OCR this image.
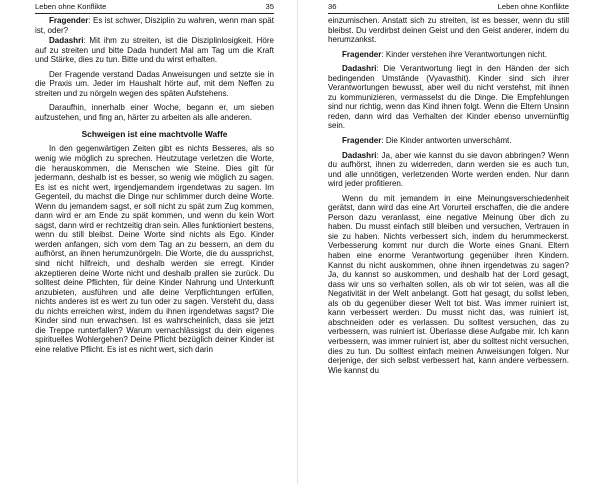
Leben ohne Konflikte	35

Fragender: Es ist schwer, Disziplin zu wahren, wenn man spät ist, oder?

Dadashri: Mit ihm zu streiten, ist die Disziplinlosigkeit. Höre auf zu streiten und bitte Dada hundert Mal am Tag um die Kraft und Stärke, dies zu tun. Bitte und du wirst erhalten.

Der Fragende verstand Dadas Anweisungen und setzte sie in die Praxis um. Jeder im Haushalt hörte auf, mit dem Neffen zu streiten und zu nörgeln wegen des späten Aufstehens.

Daraufhin, innerhalb einer Woche, begann er, um sieben aufzustehen, und fing an, härter zu arbeiten als alle anderen.

Schweigen ist eine machtvolle Waffe

In den gegenwärtigen Zeiten gibt es nichts Besseres, als so wenig wie möglich zu sprechen. Heutzutage verletzen die Worte, die herauskommen, die Menschen wie Steine. Dies gilt für jedermann, deshalb ist es besser, so wenig wie möglich zu sagen. Es ist es nicht wert, irgendjemandem irgendetwas zu sagen. Im Gegenteil, du machst die Dinge nur schlimmer durch deine Worte. Wenn du jemandem sagst, er soll nicht zu spät zum Zug kommen, dann wird er am Ende zu spät kommen, und wenn du kein Wort sagst, dann wird er rechtzeitig dran sein. Alles funktioniert bestens, wenn du still bleibst. Deine Worte sind nichts als Ego. Kinder werden anfangen, sich vom dem Tag an zu bessern, an dem du aufhörst, an ihnen herumzunörgeln. Die Worte, die du aussprichst, sind nicht hilfreich, und deshalb werden sie erregt. Kinder akzeptieren deine Worte nicht und deshalb prallen sie zurück. Du solltest deine Pflichten, für deine Kinder Nahrung und Unterkunft anzubieten, ausführen und alle deine Verpflichtungen erfüllen, nichts anderes ist es wert zu tun oder zu sagen. Versteht du, dass du nichts erreichen wirst, indem du ihnen irgendetwas sagst? Die Kinder sind nun erwachsen. Ist es wahrscheinlich, dass sie jetzt die Treppe runterfallen? Warum vernachlässigst du dein eigenes spirituelles Wohlergehen? Deine Pflicht bezüglich deiner Kinder ist eine relative Pflicht. Es ist es nicht wert, sich darin

36	Leben ohne Konflikte

einzumischen. Anstatt sich zu streiten, ist es besser, wenn du still bleibst. Du verdirbst deinen Geist und den Geist anderer, indem du herumzankst.

Fragender: Kinder verstehen ihre Verantwortungen nicht.

Dadashri: Die Verantwortung liegt in den Händen der sich bedingenden Umstände (Vyavasthit). Kinder sind sich ihrer Verantwortungen bewusst, aber weil du nicht verstehst, mit ihnen zu kommunizieren, vermasselst du die Dinge. Die Empfehlungen sind nur richtig, wenn das Kind ihnen folgt. Wenn die Eltern Unsinn reden, dann wird das Verhalten der Kinder ebenso unvernünftig sein.

Fragender: Die Kinder antworten unverschämt.

Dadashri: Ja, aber wie kannst du sie davon abbringen? Wenn du aufhörst, ihnen zu widerreden, dann werden sie es auch tun, und alle unnötigen, verletzenden Worte werden enden. Nur dann wird jeder profitieren.

Wenn du mit jemandem in eine Meinungsverschiedenheit gerätst, dann wird das eine Art Vorurteil erschaffen, die die andere Person dazu veranlasst, eine negative Meinung über dich zu haben. Du musst einfach still bleiben und versuchen, Vertrauen in sie zu haben. Nichts verbessert sich, indem du herummeckerst. Verbesserung kommt nur durch die Worte eines Gnani. Eltern haben eine enorme Verantwortung gegenüber ihren Kindern. Kannst du nicht auskommen, ohne ihnen irgendetwas zu sagen? Ja, du kannst so auskommen, und deshalb hat der Lord gesagt, dass wir uns so verhalten sollen, als ob wir tot seien, was all die Negativität in der Welt anbelangt. Gott hat gesagt, du sollst leben, als ob du gegenüber dieser Welt tot bist. Was immer ruiniert ist, kann verbessert werden. Du musst nicht das, was ruiniert ist, abschneiden oder es verlassen. Du solltest versuchen, das zu verbessern, was ruiniert ist. Überlasse diese Aufgabe mir. Ich kann verbessern, was immer ruiniert ist, aber du solltest nicht versuchen, dies zu tun. Du solltest einfach meinen Anweisungen folgen. Nur derjenige, der sich selbst verbessert hat, kann andere verbessern. Wie kannst du
